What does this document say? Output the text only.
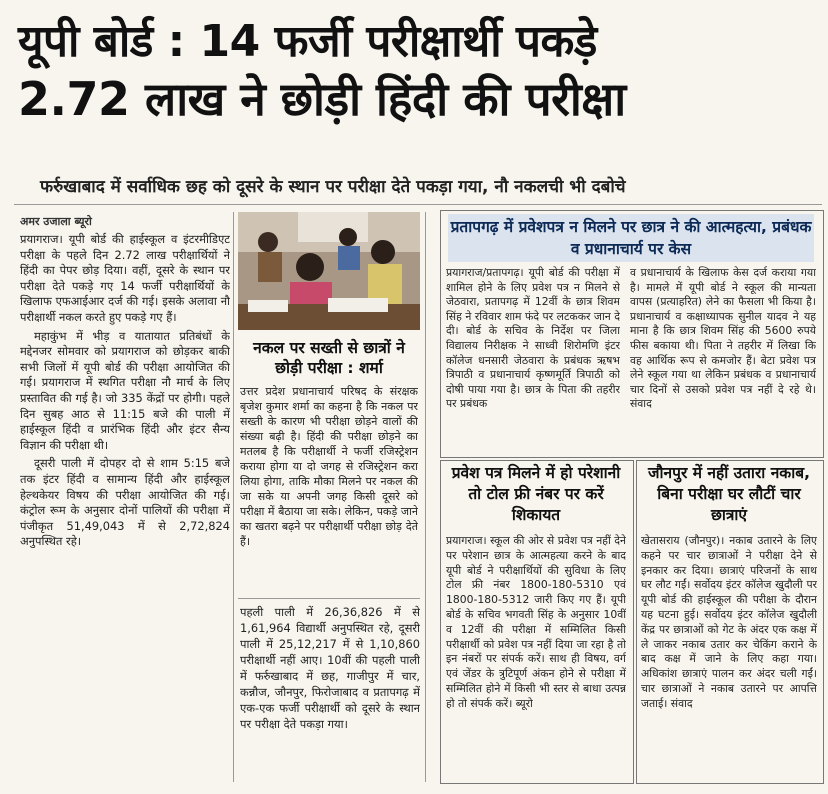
यूपी बोर्ड : 14 फर्जी परीक्षार्थी पकड़े
2.72 लाख ने छोड़ी हिंदी की परीक्षा
फर्रुखाबाद में सर्वाधिक छह को दूसरे के स्थान पर परीक्षा देते पकड़ा गया, नौ नकलची भी दबोचे
अमर उजाला ब्यूरो

प्रयागराज। यूपी बोर्ड की हाईस्कूल व इंटरमीडिएट परीक्षा के पहले दिन 2.72 लाख परीक्षार्थियों ने हिंदी का पेपर छोड़ दिया। वहीं, दूसरे के स्थान पर परीक्षा देते पकड़े गए 14 फर्जी परीक्षार्थियों के खिलाफ एफआईआर दर्ज की गई। इसके अलावा नौ परीक्षार्थी नकल करते हुए पकड़े गए हैं।

महाकुंभ में भीड़ व यातायात प्रतिबंधों के मद्देनजर सोमवार को प्रयागराज को छोड़कर बाकी सभी जिलों में यूपी बोर्ड की परीक्षा आयोजित की गई। प्रयागराज में स्थगित परीक्षा नौ मार्च के लिए प्रस्तावित की गई है। जो 335 केंद्रों पर होगी। पहले दिन सुबह आठ से 11:15 बजे की पाली में हाईस्कूल हिंदी व प्रारंभिक हिंदी और इंटर सैन्य विज्ञान की परीक्षा थी।

दूसरी पाली में दोपहर दो से शाम 5:15 बजे तक इंटर हिंदी व सामान्य हिंदी और हाईस्कूल हेल्थकेयर विषय की परीक्षा आयोजित की गई। कंट्रोल रूम के अनुसार दोनों पालियों की परीक्षा में पंजीकृत 51,49,043 में से 2,72,824 अनुपस्थित रहे।

नकल पर सख्ती से छात्रों ने छोड़ी परीक्षा : शर्मा
उत्तर प्रदेश प्रधानाचार्य परिषद के संरक्षक बृजेश कुमार शर्मा का कहना है कि नकल पर सख्ती के कारण भी परीक्षा छोड़ने वालों की संख्या बढ़ी है। हिंदी की परीक्षा छोड़ने का मतलब है कि परीक्षार्थी ने फर्जी रजिस्ट्रेशन कराया होगा या दो जगह से रजिस्ट्रेशन करा लिया होगा, ताकि मौका मिलने पर नकल की जा सके या अपनी जगह किसी दूसरे को परीक्षा में बैठाया जा सके। लेकिन, पकड़े जाने का खतरा बढ़ने पर परीक्षार्थी परीक्षा छोड़ देते हैं।
पहली पाली में 26,36,826 में से 1,61,964 विद्यार्थी अनुपस्थित रहे, दूसरी पाली में 25,12,217 में से 1,10,860 परीक्षार्थी नहीं आए। 10वीं की पहली पाली में फर्रुखाबाद में छह, गाजीपुर में चार, कन्नौज, जौनपुर, फिरोजाबाद व प्रतापगढ़ में एक-एक फर्जी परीक्षार्थी को दूसरे के स्थान पर परीक्षा देते पकड़ा गया।
प्रतापगढ़ में प्रवेशपत्र न मिलने पर छात्र ने की आत्महत्या, प्रबंधक व प्रधानाचार्य पर केस
प्रयागराज/प्रतापगढ़। यूपी बोर्ड की परीक्षा में शामिल होने के लिए प्रवेश पत्र न मिलने से जेठवारा, प्रतापगढ़ में 12वीं के छात्र शिवम सिंह ने रविवार शाम फंदे पर लटककर जान दे दी। बोर्ड के सचिव के निर्देश पर जिला विद्यालय निरीक्षक ने साध्वी शिरोमणि इंटर कॉलेज धनसारी जेठवारा के प्रबंधक ऋषभ त्रिपाठी व प्रधानाचार्य कृष्णमूर्ति त्रिपाठी को दोषी पाया गया है। छात्र के पिता की तहरीर पर प्रबंधक
व प्रधानाचार्य के खिलाफ केस दर्ज कराया गया है। मामले में यूपी बोर्ड ने स्कूल की मान्यता वापस (प्रत्याहरित) लेने का फैसला भी किया है। प्रधानाचार्य व कक्षाध्यापक सुनील यादव ने यह माना है कि छात्र शिवम सिंह की 5600 रुपये फीस बकाया थी। पिता ने तहरीर में लिखा कि वह आर्थिक रूप से कमजोर हैं। बेटा प्रवेश पत्र लेने स्कूल गया था लेकिन प्रबंधक व प्रधानाचार्य चार दिनों से उसको प्रवेश पत्र नहीं दे रहे थे। संवाद
प्रवेश पत्र मिलने में हो परेशानी तो टोल फ्री नंबर पर करें शिकायत
प्रयागराज। स्कूल की ओर से प्रवेश पत्र नहीं देने पर परेशान छात्र के आत्महत्या करने के बाद यूपी बोर्ड ने परीक्षार्थियों की सुविधा के लिए टोल फ्री नंबर 1800-180-5310 एवं 1800-180-5312 जारी किए गए हैं। यूपी बोर्ड के सचिव भगवती सिंह के अनुसार 10वीं व 12वीं की परीक्षा में सम्मिलित किसी परीक्षार्थी को प्रवेश पत्र नहीं दिया जा रहा है तो इन नंबरों पर संपर्क करें। साथ ही विषय, वर्ग एवं जेंडर के त्रुटिपूर्ण अंकन होने से परीक्षा में सम्मिलित होने में किसी भी स्तर से बाधा उत्पन्न हो तो संपर्क करें। ब्यूरो
जौनपुर में नहीं उतारा नकाब, बिना परीक्षा घर लौटीं चार छात्राएं
खेतासराय (जौनपुर)। नकाब उतारने के लिए कहने पर चार छात्राओं ने परीक्षा देने से इनकार कर दिया। छात्राएं परिजनों के साथ घर लौट गईं। सर्वोदय इंटर कॉलेज खुदौली पर यूपी बोर्ड की हाईस्कूल की परीक्षा के दौरान यह घटना हुई। सर्वोदय इंटर कॉलेज खुदौली केंद्र पर छात्राओं को गेट के अंदर एक कक्ष में ले जाकर नकाब उतार कर चेकिंग कराने के बाद कक्ष में जाने के लिए कहा गया। अधिकांश छात्राएं पालन कर अंदर चली गईं। चार छात्राओं ने नकाब उतारने पर आपत्ति जताई। संवाद
